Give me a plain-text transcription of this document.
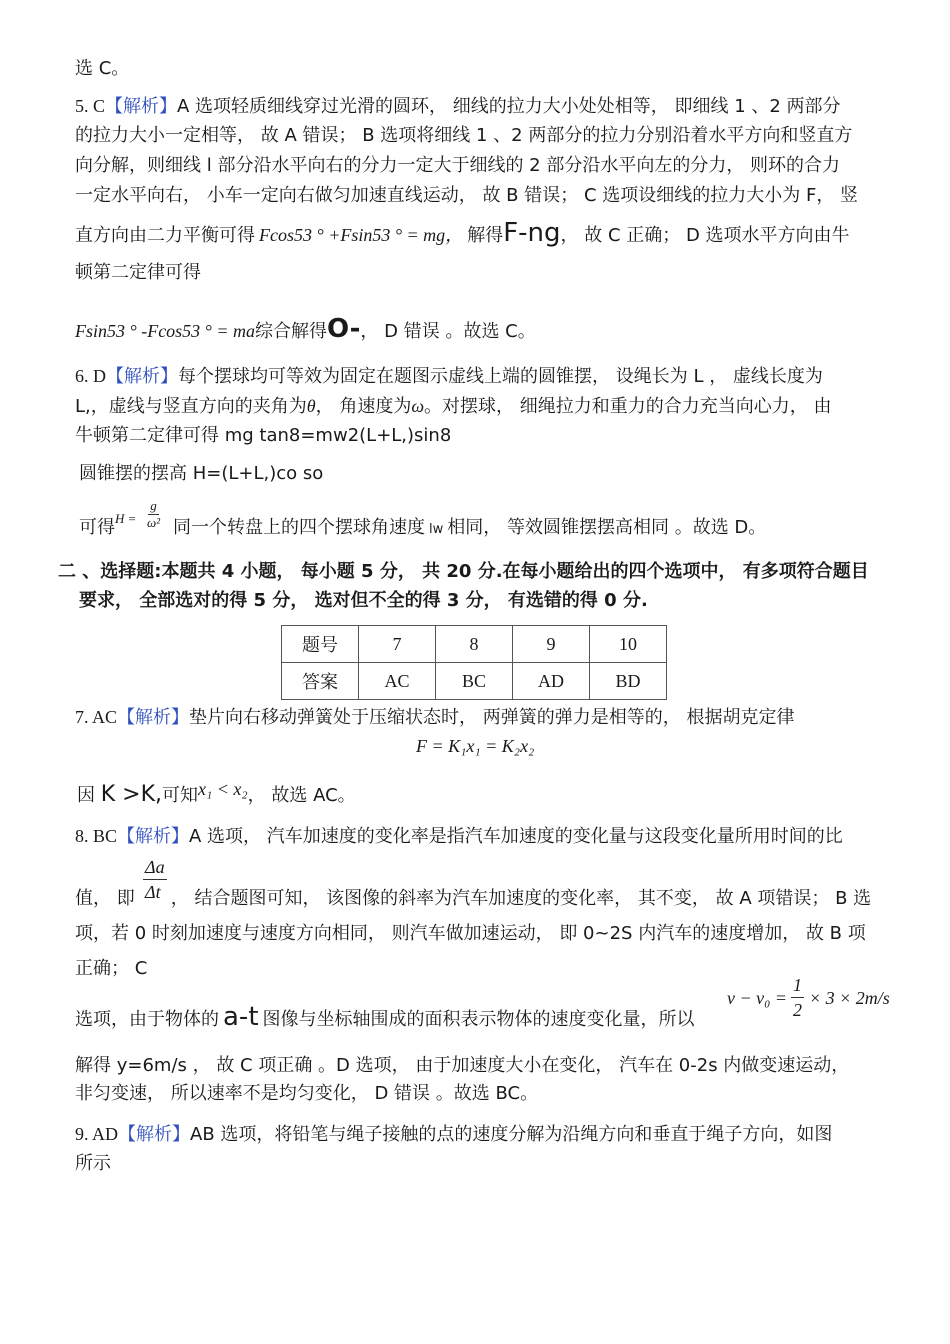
选 C。
5. C【解析】A 选项轻质细线穿过光滑的圆环， 细线的拉力大小处处相等， 即细线 1 、2 两部分
的拉力大小一定相等， 故 A 错误； B 选项将细线 1 、2 两部分的拉力分别沿着水平方向和竖直方
向分解，则细线 l 部分沿水平向右的分力一定大于细线的 2 部分沿水平向左的分力， 则环的合力
一定水平向右， 小车一定向右做匀加速直线运动， 故 B 错误； C 选项设细线的拉力大小为 F， 竖
直方向由二力平衡可得 Fcos53 ° +Fsin53 ° = mg， 解得F-ng， 故 C 正确； D 选项水平方向由牛
顿第二定律可得
Fsin53 ° -Fcos53 ° = ma综合解得O-， D 错误 。故选 C。
6. D【解析】每个摆球均可等效为固定在题图示虚线上端的圆锥摆， 设绳长为 L ， 虚线长度为
L,，虚线与竖直方向的夹角为θ， 角速度为ω。对摆球， 细绳拉力和重力的合力充当向心力， 由
牛顿第二定律可得 mg tan8=mw2(L+L,)sin8
圆锥摆的摆高 H=(L+L,)co so
可得 $H = \frac{g}{\text{ω²}}$ 同一个转盘上的四个摆球角速度 lw 相同， 等效圆锥摆摆高相同 。故选 D。
二 、选择题:本题共 4 小题， 每小题 5 分， 共 20 分.在每小题给出的四个选项中， 有多项符合题目
要求， 全部选对的得 5 分， 选对但不全的得 3 分， 有选错的得 0 分.
题号	7	8	9	10
答案	AC	BC	AD	BD
7. AC【解析】垫片向右移动弹簧处于压缩状态时， 两弹簧的弹力是相等的， 根据胡克定律
F = K₁x₁ = K₂x₂
因 K >K,可知x₁ < x₂， 故选 AC。
8. BC【解析】A 选项， 汽车加速度的变化率是指汽车加速度的变化量与这段变化量所用时间的比
$\frac{\Delta a}{\Delta t}$
值， 即 ， 结合题图可知， 该图像的斜率为汽车加速度的变化率， 其不变， 故 A 项错误； B 选
项，若 0 时刻加速度与速度方向相同， 则汽车做加速运动， 即 0~2S 内汽车的速度增加， 故 B 项
正确； C
$v - v_0 = \frac{1}{2} \times 3 \times 2m/s$
选项，由于物体的 a-t 图像与坐标轴围成的面积表示物体的速度变化量，所以
解得 y=6m/s ， 故 C 项正确 。D 选项， 由于加速度大小在变化， 汽车在 0-2s 内做变速运动，
非匀变速， 所以速率不是均匀变化， D 错误 。故选 BC。
9. AD【解析】AB 选项，将铅笔与绳子接触的点的速度分解为沿绳方向和垂直于绳子方向，如图
所示
